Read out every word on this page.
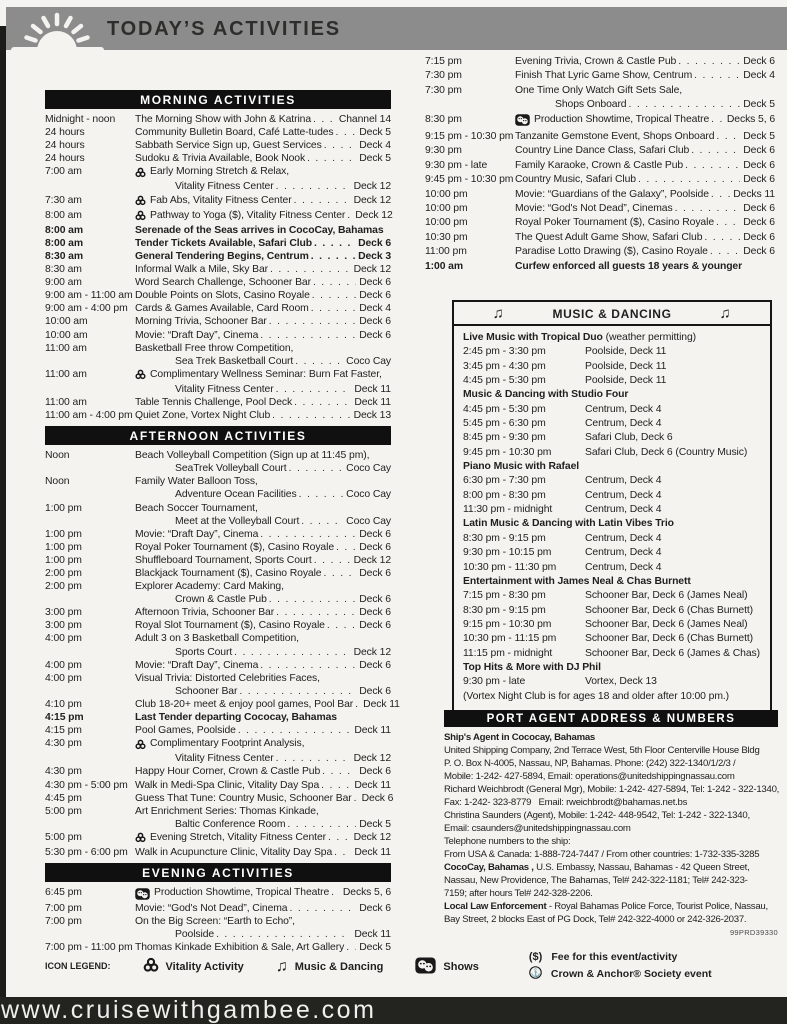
TODAY’S ACTIVITIES
MORNING ACTIVITIES
Midnight - noon	The Morning Show with John & Katrina . . .	Channel 14
24 hours	Community Bulletin Board, Café Latte-tudes . . . Deck 5
24 hours	Sabbath Service Sign up, Guest Services . . .	Deck 4
24 hours	Sudoku & Trivia Available, Book Nook . . .	Deck 5
7:00 am	Early Morning Stretch & Relax,
Vitality Fitness Center . . .	Deck 12
7:30 am	Fab Abs, Vitality Fitness Center . . .	Deck 12
8:00 am	Pathway to Yoga ($), Vitality Fitness Center . . . Deck 12
8:00 am	Serenade of the Seas arrives in CocoCay, Bahamas
8:00 am	Tender Tickets Available, Safari Club . . .	Deck 6
8:30 am	General Tendering Begins, Centrum . . .	Deck 3
8:30 am	Informal Walk a Mile, Sky Bar . . .	Deck 12
9:00 am	Word Search Challenge, Schooner Bar . . .	Deck 6
9:00 am - 11:00 am Double Points on Slots, Casino Royale . . .	Deck 6
9:00 am - 4:00 pm Cards & Games Available, Card Room . . .	Deck 4
10:00 am	Morning Trivia, Schooner Bar . . .	Deck 6
10:00 am	Movie: “Draft Day”, Cinema . . .	Deck 6
11:00 am	Basketball Free throw Competition,
Sea Trek Basketball Court . . .	Coco Cay
11:00 am	Complimentary Wellness Seminar: Burn Fat Faster,
Vitality Fitness Center . . .	Deck 11
11:00 am	Table Tennis Challenge, Pool Deck . . .	Deck 11
11:00 am - 4:00 pm Quiet Zone, Vortex Night Club . . .	Deck 13
AFTERNOON ACTIVITIES
Noon	Beach Volleyball Competition (Sign up at 11:45 pm),
SeaTrek Volleyball Court . . .	Coco Cay
Noon	Family Water Balloon Toss,
Adventure Ocean Facilities . . .	Coco Cay
1:00 pm	Beach Soccer Tournament,
Meet at the Volleyball Court . . .	Coco Cay
1:00 pm	Movie: “Draft Day”, Cinema . . .	Deck 6
1:00 pm	Royal Poker Tournament ($), Casino Royale . . . Deck 6
1:00 pm	Shuffleboard Tournament, Sports Court . . .	Deck 12
2:00 pm	Blackjack Tournament ($), Casino Royale . . .	Deck 6
2:00 pm	Explorer Academy: Card Making,
Crown & Castle Pub . . .	Deck 6
3:00 pm	Afternoon Trivia, Schooner Bar . . .	Deck 6
3:00 pm	Royal Slot Tournament ($), Casino Royale . . .	Deck 6
4:00 pm	Adult 3 on 3 Basketball Competition,
Sports Court . . .	Deck 12
4:00 pm	Movie: “Draft Day”, Cinema . . .	Deck 6
4:00 pm	Visual Trivia: Distorted Celebrities Faces,
Schooner Bar . . .	Deck 6
4:10 pm	Club 18-20+ meet & enjoy pool games, Pool Bar . . . Deck 11
4:15 pm	Last Tender departing Cococay, Bahamas
4:15 pm	Pool Games, Poolside . . .	Deck 11
4:30 pm	Complimentary Footprint Analysis,
Vitality Fitness Center . . .	Deck 12
4:30 pm	Happy Hour Corner, Crown & Castle Pub . . .	Deck 6
4:30 pm - 5:00 pm Walk in Medi-Spa Clinic, Vitality Day Spa . . .	Deck 11
4:45 pm	Guess That Tune: Country Music, Schooner Bar . . . Deck 6
5:00 pm	Art Enrichment Series: Thomas Kinkade,
Baltic Conference Room . . .	Deck 5
5:00 pm	Evening Stretch, Vitality Fitness Center . . .	Deck 12
5:30 pm - 6:00 pm Walk in Acupuncture Clinic, Vitality Day Spa . . . Deck 11
EVENING ACTIVITIES
6:45 pm	Production Showtime, Tropical Theatre . . . Decks 5, 6
7:00 pm	Movie: “God's Not Dead”, Cinema . . .	Deck 6
7:00 pm	On the Big Screen: “Earth to Echo”,
Poolside . . .	Deck 11
7:00 pm - 11:00 pm Thomas Kinkade Exhibition & Sale, Art Gallery . . . Deck 5
7:15 pm	Evening Trivia, Crown & Castle Pub . . .	Deck 6
7:30 pm	Finish That Lyric Game Show, Centrum . . .	Deck 4
7:30 pm	One Time Only Watch Gift Sets Sale,
Shops Onboard . . .	Deck 5
8:30 pm	Production Showtime, Tropical Theatre . . . Decks 5, 6
9:15 pm - 10:30 pm Tanzanite Gemstone Event, Shops Onboard . . .	Deck 5
9:30 pm	Country Line Dance Class, Safari Club . . .	Deck 6
9:30 pm - late	Family Karaoke, Crown & Castle Pub . . .	Deck 6
9:45 pm - 10:30 pm Country Music, Safari Club . . .	Deck 6
10:00 pm	Movie: “Guardians of the Galaxy”, Poolside . . . Decks 11
10:00 pm	Movie: “God's Not Dead”, Cinemas . . .	Deck 6
10:00 pm	Royal Poker Tournament ($), Casino Royale . . .	Deck 6
10:30 pm	The Quest Adult Game Show, Safari Club . . .	Deck 6
11:00 pm	Paradise Lotto Drawing ($), Casino Royale . . .	Deck 6
1:00 am	Curfew enforced all guests 18 years & younger
♫	MUSIC & DANCING	♫
Live Music with Tropical Duo (weather permitting)
2:45 pm - 3:30 pm	Poolside, Deck 11
3:45 pm - 4:30 pm	Poolside, Deck 11
4:45 pm - 5:30 pm	Poolside, Deck 11
Music & Dancing with Studio Four
4:45 pm - 5:30 pm	Centrum, Deck 4
5:45 pm - 6:30 pm	Centrum, Deck 4
8:45 pm - 9:30 pm	Safari Club, Deck 6
9:45 pm - 10:30 pm	Safari Club, Deck 6 (Country Music)
Piano Music with Rafael
6:30 pm - 7:30 pm	Centrum, Deck 4
8:00 pm - 8:30 pm	Centrum, Deck 4
11:30 pm - midnight	Centrum, Deck 4
Latin Music & Dancing with Latin Vibes Trio
8:30 pm - 9:15 pm	Centrum, Deck 4
9:30 pm - 10:15 pm	Centrum, Deck 4
10:30 pm - 11:30 pm	Centrum, Deck 4
Entertainment with James Neal & Chas Burnett
7:15 pm - 8:30 pm	Schooner Bar, Deck 6 (James Neal)
8:30 pm - 9:15 pm	Schooner Bar, Deck 6 (Chas Burnett)
9:15 pm - 10:30 pm	Schooner Bar, Deck 6 (James Neal)
10:30 pm - 11:15 pm	Schooner Bar, Deck 6 (Chas Burnett)
11:15 pm - midnight	Schooner Bar, Deck 6 (James & Chas)
Top Hits & More with DJ Phil
9:30 pm - late	Vortex, Deck 13
(Vortex Night Club is for ages 18 and older after 10:00 pm.)
PORT AGENT ADDRESS & NUMBERS
Ship's Agent in Cococay, Bahamas
United Shipping Company, 2nd Terrace West, 5th Floor Centerville House Bldg
P. O. Box N-4005, Nassau, NP, Bahamas. Phone: (242) 322-1340/1/2/3 /
Mobile: 1-242- 427-5894, Email: operations@unitedshippingnassau.com
Richard Weichbrodt (General Mgr), Mobile: 1-242- 427-5894, Tel: 1-242 - 322-1340,
Fax: 1-242- 323-8779   Email: rweichbrodt@bahamas.net.bs
Christina Saunders (Agent), Mobile: 1-242- 448-9542, Tel: 1-242 - 322-1340,
Email: csaunders@unitedshippingnassau.com
Telephone numbers to the ship:
From USA & Canada: 1-888-724-7447 / From other countries: 1-732-335-3285
CocoCay, Bahamas , U.S. Embassy, Nassau, Bahamas - 42 Queen Street,
Nassau, New Providence, The Bahamas, Tel# 242-322-1181; Tel# 242-323-
7159; after hours Tel# 242-328-2206.
Local Law Enforcement - Royal Bahamas Police Force, Tourist Police, Nassau,
Bay Street, 2 blocks East of PG Dock, Tel# 242-322-4000 or 242-326-2037.
99PRD39330
ICON LEGEND:	Vitality Activity ♫ Music & Dancing	Shows
($) Fee for this event/activity
⚓ Crown & Anchor® Society event
www.cruisewithgambee.com
